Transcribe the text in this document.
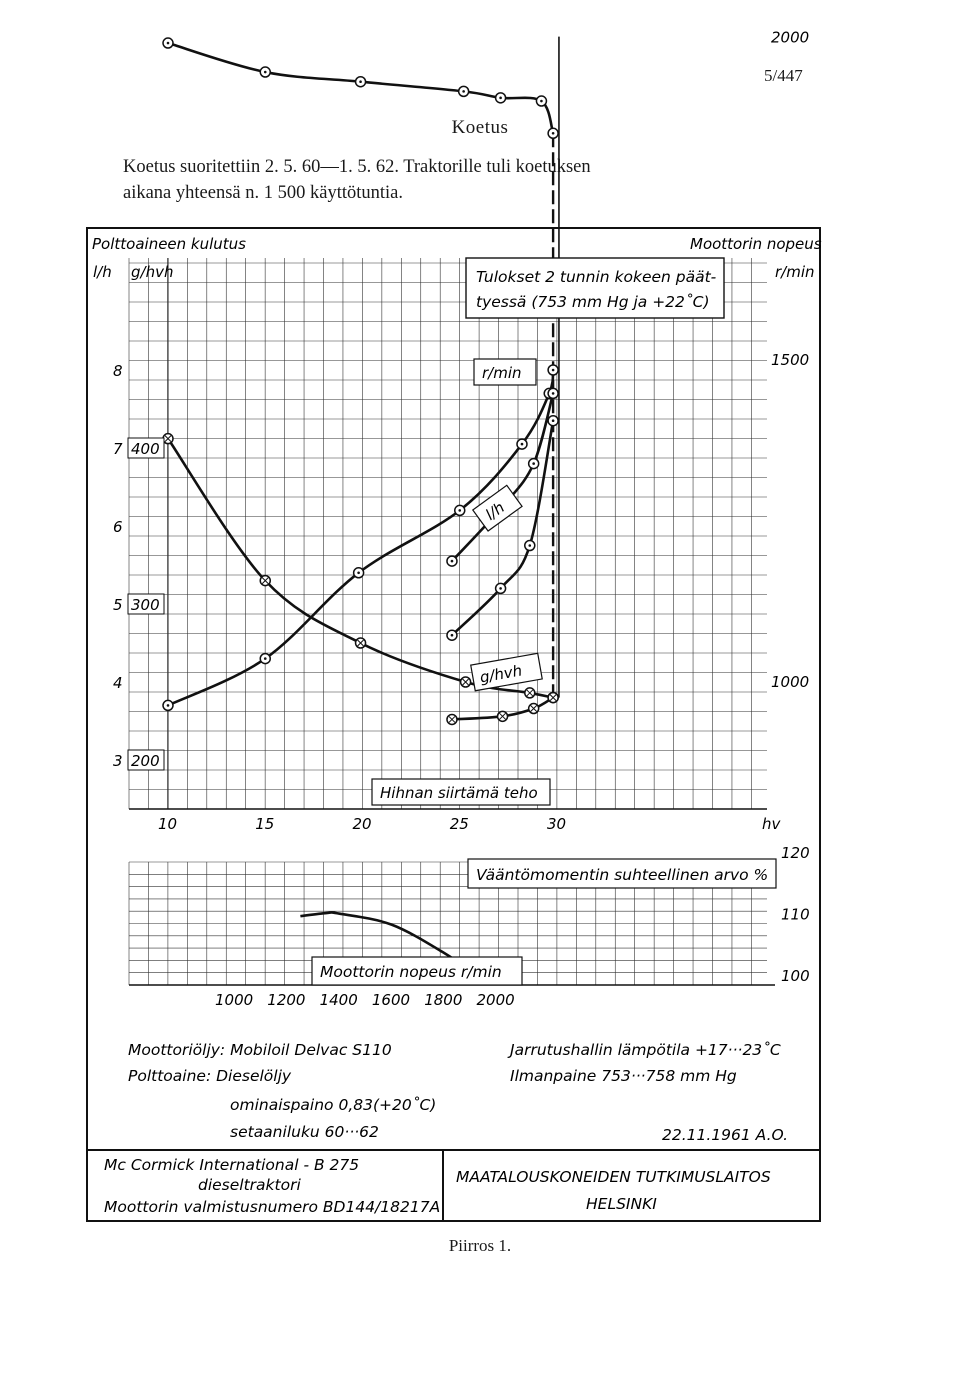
5/447
Koetus
Koetus suoritettiin 2. 5. 60—1. 5. 62. Traktorille tuli koetuksen
aikana yhteensä n. 1 500 käyttötuntia.
10	15	20	25	30
3
4
5
6
7
8
200
300
400
1000
1500
2000
1000 1200 1400 1600 1800 2000
100
110
120
Polttoaineen kulutus	Moottorin nopeus
l/h g/hvh	r/min
Tulokset 2 tunnin kokeen päät-
tyessä (753 mm Hg ja +22˚C)
r/min
l/h
g/hvh
Hihnan siirtämä teho
hv
Vääntömomentin suhteellinen arvo %
Moottorin nopeus r/min
Moottoriöljy: Mobiloil Delvac S110
Polttoaine: Dieselöljy
ominaispaino 0,83(+20˚C)
setaaniluku 60···62
Jarrutushallin lämpötila +17···23˚C
Ilmanpaine 753···758 mm Hg
22.11.1961 A.O.
Mc Cormick International - B 275
dieseltraktori
Moottorin valmistusnumero BD144/18217A
MAATALOUSKONEIDEN TUTKIMUSLAITOS
HELSINKI
Piirros 1.
